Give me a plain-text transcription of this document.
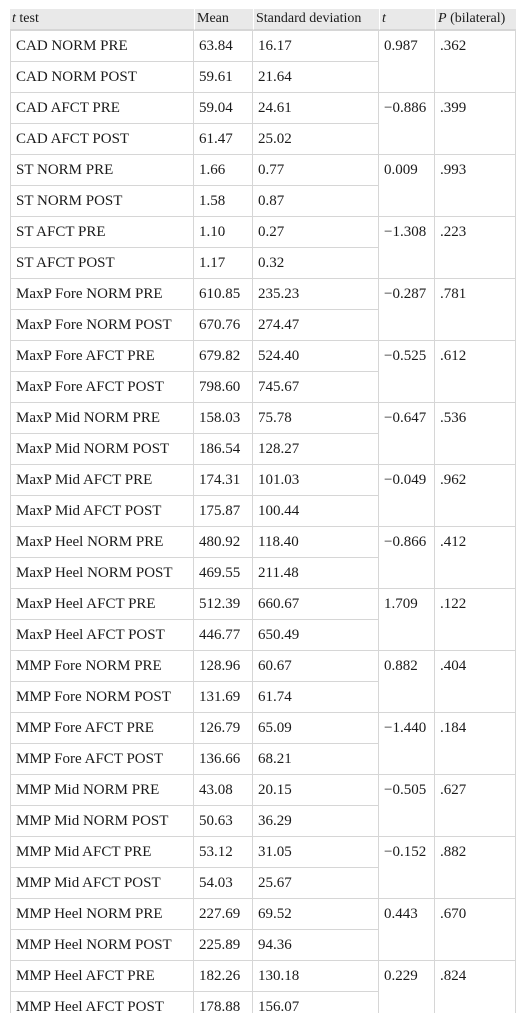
t test	Mean	Standard deviation	t	P (bilateral)
CAD NORM PRE	63.84	16.17	0.987	.362
CAD NORM POST	59.61	21.64		
CAD AFCT PRE	59.04	24.61	−0.886	.399
CAD AFCT POST	61.47	25.02		
ST NORM PRE	1.66	0.77	0.009	.993
ST NORM POST	1.58	0.87		
ST AFCT PRE	1.10	0.27	−1.308	.223
ST AFCT POST	1.17	0.32		
MaxP Fore NORM PRE	610.85	235.23	−0.287	.781
MaxP Fore NORM POST	670.76	274.47		
MaxP Fore AFCT PRE	679.82	524.40	−0.525	.612
MaxP Fore AFCT POST	798.60	745.67		
MaxP Mid NORM PRE	158.03	75.78	−0.647	.536
MaxP Mid NORM POST	186.54	128.27		
MaxP Mid AFCT PRE	174.31	101.03	−0.049	.962
MaxP Mid AFCT POST	175.87	100.44		
MaxP Heel NORM PRE	480.92	118.40	−0.866	.412
MaxP Heel NORM POST	469.55	211.48		
MaxP Heel AFCT PRE	512.39	660.67	1.709	.122
MaxP Heel AFCT POST	446.77	650.49		
MMP Fore NORM PRE	128.96	60.67	0.882	.404
MMP Fore NORM POST	131.69	61.74		
MMP Fore AFCT PRE	126.79	65.09	−1.440	.184
MMP Fore AFCT POST	136.66	68.21		
MMP Mid NORM PRE	43.08	20.15	−0.505	.627
MMP Mid NORM POST	50.63	36.29		
MMP Mid AFCT PRE	53.12	31.05	−0.152	.882
MMP Mid AFCT POST	54.03	25.67		
MMP Heel NORM PRE	227.69	69.52	0.443	.670
MMP Heel NORM POST	225.89	94.36		
MMP Heel AFCT PRE	182.26	130.18	0.229	.824
MMP Heel AFCT POST	178.88	156.07		
